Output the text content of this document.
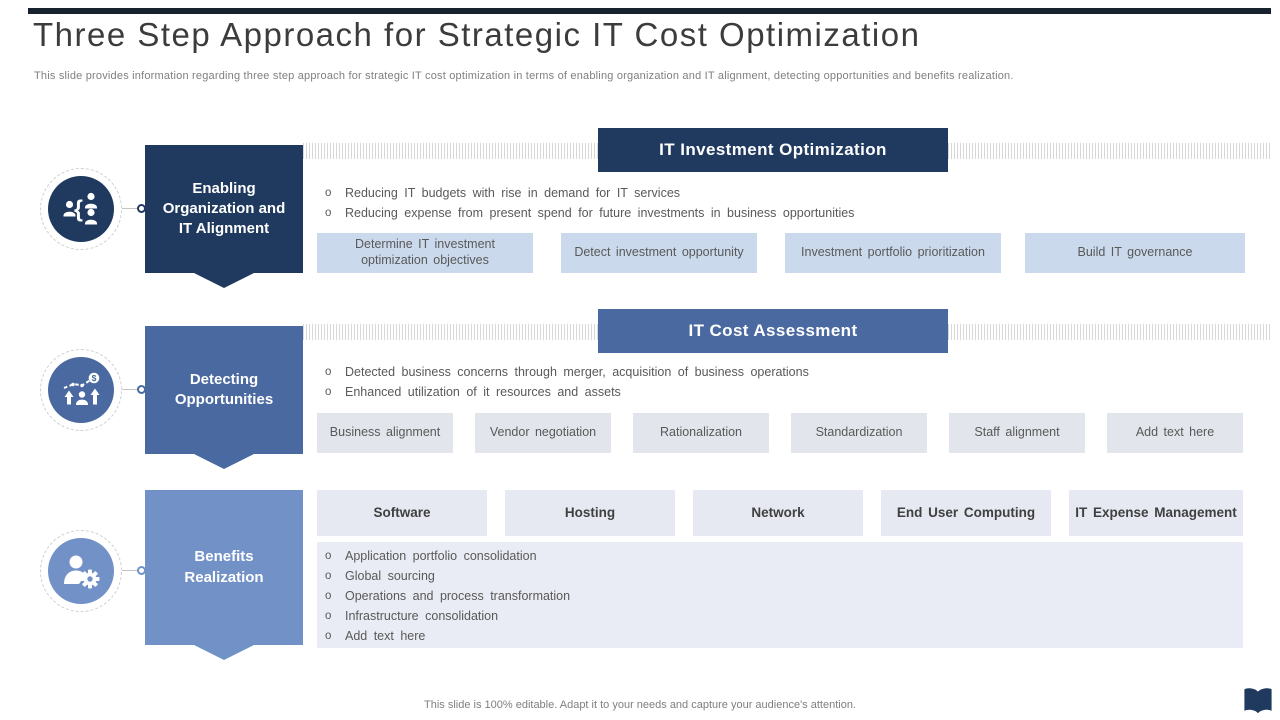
Three Step Approach for Strategic IT Cost Optimization
This slide provides information regarding three step approach for strategic IT cost optimization in terms of enabling organization and IT alignment, detecting opportunities and benefits realization.
{
Enabling Organization and IT Alignment
IT Investment Optimization
o Reducing IT budgets with rise in demand for IT services
o Reducing expense from present spend for future investments in business opportunities
Determine IT investment optimization objectives
Detect investment opportunity	Investment portfolio prioritization	Build IT governance
$	Detecting Opportunities
IT Cost Assessment
o Detected business concerns through merger, acquisition of business operations
o Enhanced utilization of it resources and assets
Business alignment	Vendor negotiation	Rationalization	Standardization	Staff alignment	Add text here
Benefits Realization
Software	Hosting	Network	End User Computing	IT Expense Management
o Application portfolio consolidation
o Global sourcing
o Operations and process transformation
o Infrastructure consolidation
o Add text here
This slide is 100% editable. Adapt it to your needs and capture your audience's attention.
